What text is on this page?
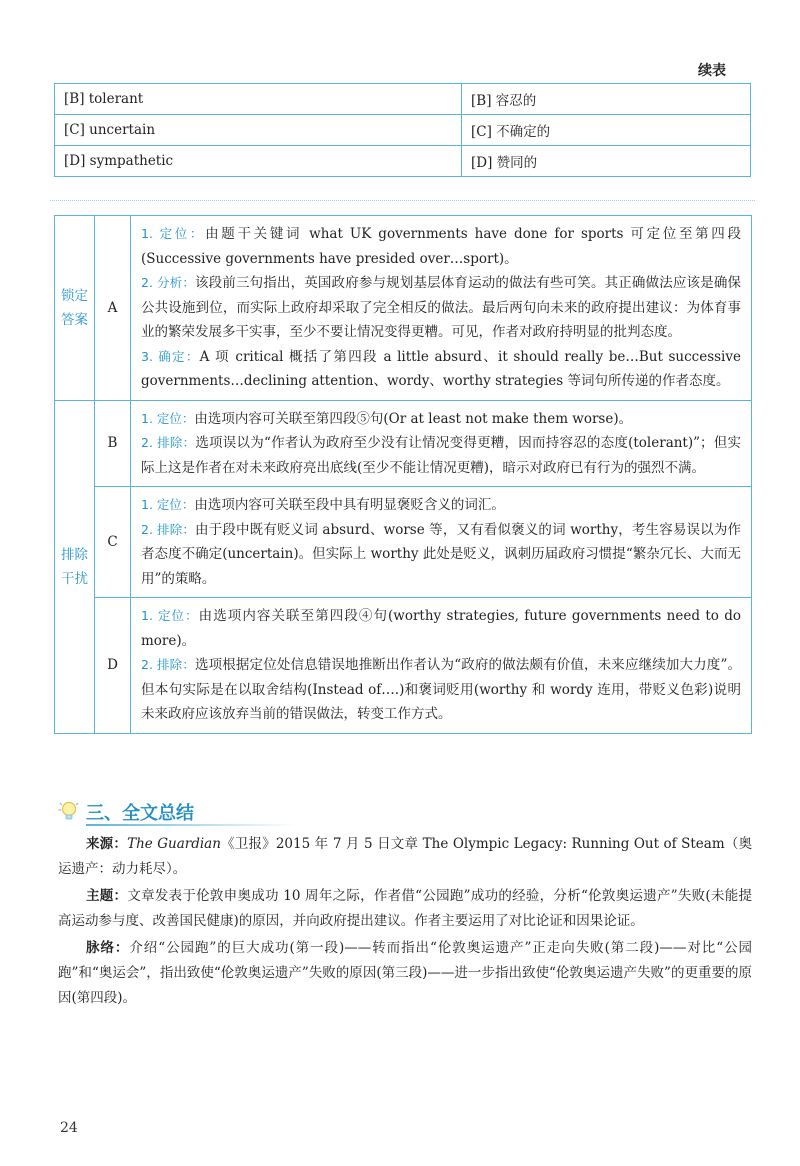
续表
[B] tolerant	[B] 容忍的
[C] uncertain	[C] 不确定的
[D] sympathetic	[D] 赞同的
锁定答案	A	1. 定位：由题干关键词 what UK governments have done for sports 可定位至第四段(Successive governments have presided over…sport)。
2. 分析：该段前三句指出，英国政府参与规划基层体育运动的做法有些可笑。其正确做法应该是确保公共设施到位，而实际上政府却采取了完全相反的做法。最后两句向未来的政府提出建议：为体育事业的繁荣发展多干实事，至少不要让情况变得更糟。可见，作者对政府持明显的批判态度。
3. 确定：A 项 critical 概括了第四段 a little absurd、it should really be…But successive governments…declining attention、wordy、worthy strategies 等词句所传递的作者态度。

排除干扰	B	1. 定位：由选项内容可关联至第四段⑤句(Or at least not make them worse)。
2. 排除：选项误以为“作者认为政府至少没有让情况变得更糟，因而持容忍的态度(tolerant)”；但实际上这是作者在对未来政府亮出底线(至少不能让情况更糟)，暗示对政府已有行为的强烈不满。

	C	1. 定位：由选项内容可关联至段中具有明显褒贬含义的词汇。
2. 排除：由于段中既有贬义词 absurd、worse 等，又有看似褒义的词 worthy，考生容易误以为作者态度不确定(uncertain)。但实际上 worthy 此处是贬义，讽刺历届政府习惯提“繁杂冗长、大而无用”的策略。

	D	1. 定位：由选项内容关联至第四段④句(worthy strategies, future governments need to do more)。
2. 排除：选项根据定位处信息错误地推断出作者认为“政府的做法颇有价值，未来应继续加大力度”。但本句实际是在以取舍结构(Instead of….)和褒词贬用(worthy 和 wordy 连用，带贬义色彩)说明未来政府应该放弃当前的错误做法，转变工作方式。
三、全文总结

来源：The Guardian《卫报》2015 年 7 月 5 日文章 The Olympic Legacy: Running Out of Steam（奥运遗产：动力耗尽）。

主题：文章发表于伦敦申奥成功 10 周年之际，作者借“公园跑”成功的经验，分析“伦敦奥运遗产”失败(未能提高运动参与度、改善国民健康)的原因，并向政府提出建议。作者主要运用了对比论证和因果论证。

脉络：介绍“公园跑”的巨大成功(第一段)——转而指出“伦敦奥运遗产”正走向失败(第二段)——对比“公园跑”和“奥运会”，指出致使“伦敦奥运遗产”失败的原因(第三段)——进一步指出致使“伦敦奥运遗产失败”的更重要的原因(第四段)。

24
